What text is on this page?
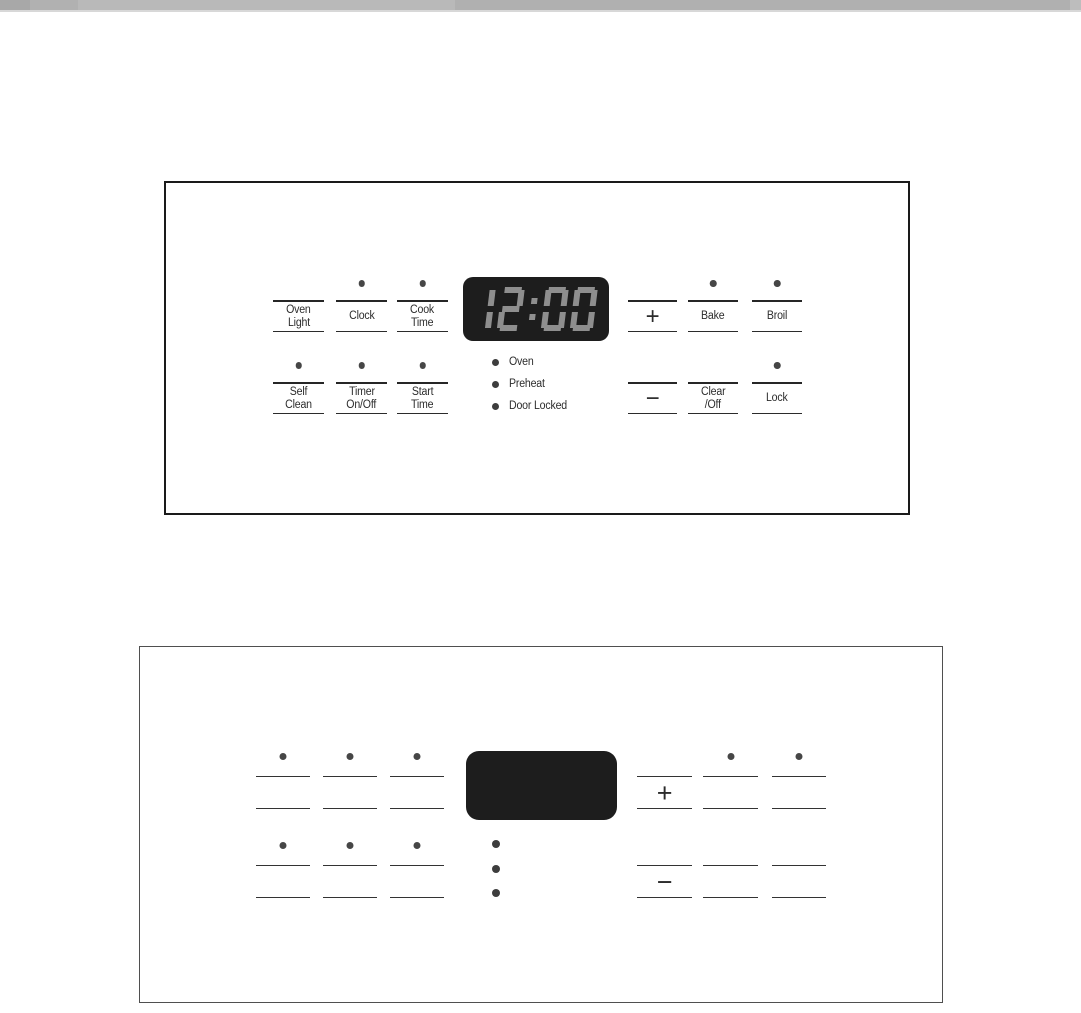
Oven
Light
Clock
Cook
Time	+	Bake	Broil
Self
Clean
Timer
On/Off
Start
Time
Oven
Preheat
Door Locked	−	Clear
/Off
Lock
+
−
